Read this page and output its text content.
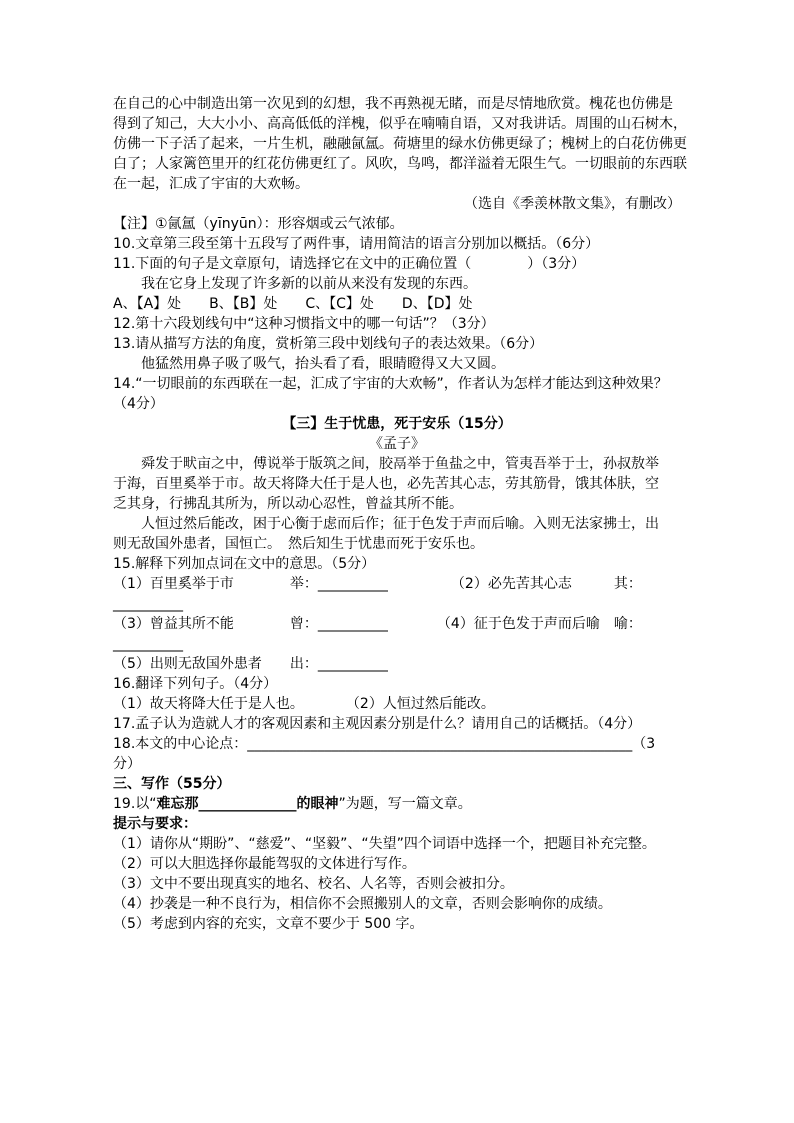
在自己的心中制造出第一次见到的幻想，我不再熟视无睹，而是尽情地欣赏。槐花也仿佛是
得到了知己，大大小小、高高低低的洋槐，似乎在喃喃自语，又对我讲话。周围的山石树木，
仿佛一下子活了起来，一片生机，融融氤氲。荷塘里的绿水仿佛更绿了；槐树上的白花仿佛更
白了；人家篱笆里开的红花仿佛更红了。风吹，鸟鸣，都洋溢着无限生气。一切眼前的东西联
在一起，汇成了宇宙的大欢畅。
（选自《季羡林散文集》，有删改）
【注】①氤氲（yīnyūn）：形容烟或云气浓郁。
10.文章第三段至第十五段写了两件事，请用简洁的语言分别加以概括。（6分）
11.下面的句子是文章原句，请选择它在文中的正确位置（　　　　）（3分）
　　我在它身上发现了许多新的以前从来没有发现的东西。
A、【A】处　　B、【B】处　　C、【C】处　　D、【D】处
12.第十六段划线句中“这种习惯指文中的哪一句话”？（3分）
13.请从描写方法的角度，赏析第三段中划线句子的表达效果。（6分）
　　他猛然用鼻子吸了吸气，抬头看了看，眼睛瞪得又大又圆。
14.“一切眼前的东西联在一起，汇成了宇宙的大欢畅”，作者认为怎样才能达到这种效果？
（4分）
【三】生于忧患，死于安乐（15分）
《孟子》
　　舜发于畎亩之中，傅说举于版筑之间，胶鬲举于鱼盐之中，管夷吾举于士，孙叔敖举
于海，百里奚举于市。故天将降大任于是人也，必先苦其心志，劳其筋骨，饿其体肤，空
乏其身，行拂乱其所为，所以动心忍性，曾益其所不能。
　　人恒过然后能改，困于心衡于虑而后作；征于色发于声而后喻。入则无法家拂士，出
则无敌国外患者，国恒亡。　然后知生于忧患而死于安乐也。
15.解释下列加点词在文中的意思。（5分）
（1）百里奚举于市　　　　举：__________　　　　　（2）必先苦其心志　　　其：
__________
（3）曾益其所不能　　　　曾：__________　　　　（4）征于色发于声而后喻　喻：
__________
（5）出则无敌国外患者　　出：__________
16.翻译下列句子。（4分）
（1）故天将降大任于是人也。　　　　（2）人恒过然后能改。
17.孟子认为造就人才的客观因素和主观因素分别是什么？请用自己的话概括。（4分）
18.本文的中心论点：_______________________________________________________（3
分）
三、写作（55分）
19.以“难忘那______________的眼神”为题，写一篇文章。
提示与要求：
（1）请你从“期盼”、“慈爱”、“坚毅”、“失望”四个词语中选择一个，把题目补充完整。
（2）可以大胆选择你最能驾驭的文体进行写作。
（3）文中不要出现真实的地名、校名、人名等，否则会被扣分。
（4）抄袭是一种不良行为，相信你不会照搬别人的文章，否则会影响你的成绩。
（5）考虑到内容的充实，文章不要少于 500 字。
